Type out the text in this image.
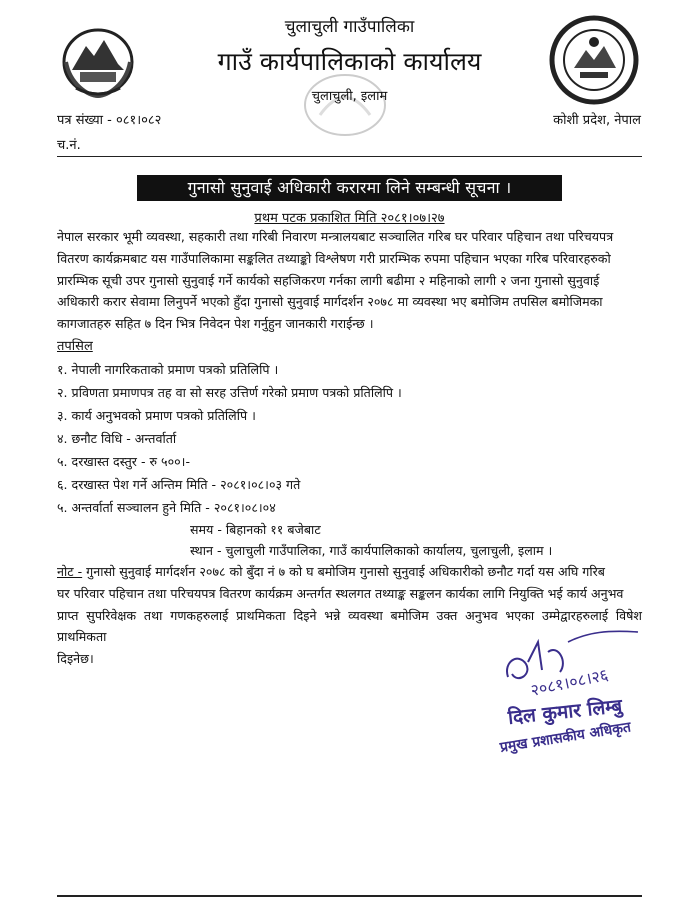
चुलाचुली गाउँपालिका
गाउँ कार्यपालिकाको कार्यालय
चुलाचुली, इलाम
पत्र संख्या - ०८१।०८२
च.नं.
कोशी प्रदेश, नेपाल
गुनासो सुनुवाई अधिकारी करारमा लिने सम्बन्धी सूचना ।
प्रथम पटक प्रकाशित मिति २०८१।०७।२७
नेपाल सरकार भूमी व्यवस्था, सहकारी तथा गरिबी निवारण मन्त्रालयबाट सञ्चालित गरिब घर परिवार पहिचान तथा परिचयपत्र
वितरण कार्यक्रमबाट यस गाउँपालिकामा सङ्कलित तथ्याङ्को विश्लेषण गरी प्रारम्भिक रुपमा पहिचान भएका गरिब परिवारहरुको
प्रारम्भिक सूची उपर गुनासो सुनुवाई गर्ने कार्यको सहजिकरण गर्नका लागी बढीमा २ महिनाको लागी २ जना गुनासो सुनुवाई
अधिकारी करार सेवामा लिनुपर्ने भएको हुँदा गुनासो सुनुवाई मार्गदर्शन २०७८ मा व्यवस्था भए बमोजिम तपसिल बमोजिमका
कागजातहरु सहित ७ दिन भित्र निवेदन पेश गर्नुहुन जानकारी गराईन्छ ।
तपसिल
१. नेपाली नागरिकताको प्रमाण पत्रको प्रतिलिपि ।
२. प्रविणता प्रमाणपत्र तह वा सो सरह उत्तिर्ण गरेको प्रमाण पत्रको प्रतिलिपि ।
३. कार्य अनुभवको प्रमाण पत्रको प्रतिलिपि ।
४. छनौट विधि - अन्तर्वार्ता
५. दरखास्त दस्तुर - रु ५००।-
६. दरखास्त पेश गर्ने अन्तिम मिति - २०८१।०८।०३ गते
५. अन्तर्वार्ता सञ्चालन हुने मिति - २०८१।०८।०४
समय - बिहानको ११ बजेबाट
स्थान - चुलाचुली गाउँपालिका, गाउँ कार्यपालिकाको कार्यालय, चुलाचुली, इलाम ।
नोट - गुनासो सुनुवाई मार्गदर्शन २०७८ को बुँदा नं ७ को घ बमोजिम गुनासो सुनुवाई अधिकारीको छनौट गर्दा यस अघि गरिब
घर परिवार पहिचान तथा परिचयपत्र वितरण कार्यक्रम अन्तर्गत स्थलगत तथ्याङ्क सङ्कलन कार्यका लागि नियुक्ति भई कार्य अनुभव
प्राप्त सुपरिवेक्षक तथा गणकहरुलाई प्राथमिकता दिइने भन्ने व्यवस्था बमोजिम उक्त अनुभव भएका उम्मेद्वारहरुलाई विषेश प्राथमिकता
दिइनेछ।
२०८१।०८।२६
दिल कुमार लिम्बु
प्रमुख प्रशासकीय अधिकृत
